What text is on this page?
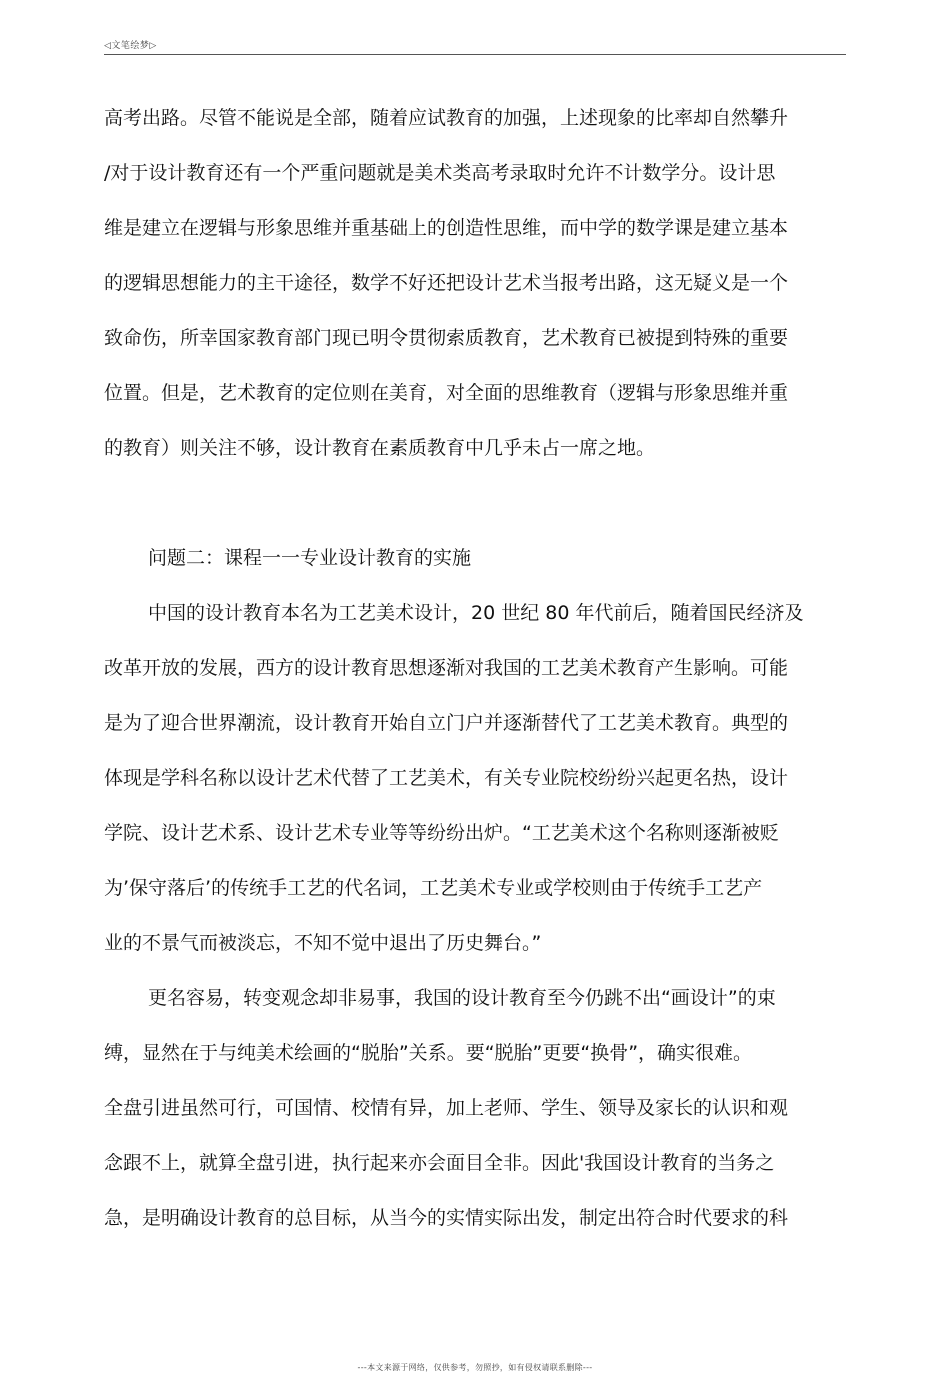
◁文笔绘梦▷
高考出路。尽管不能说是全部，随着应试教育的加强，上述现象的比率却自然攀升
/对于设计教育还有一个严重问题就是美术类高考录取时允许不计数学分。设计思
维是建立在逻辑与形象思维并重基础上的创造性思维，而中学的数学课是建立基本
的逻辑思想能力的主干途径，数学不好还把设计艺术当报考出路，这无疑义是一个
致命伤，所幸国家教育部门现已明令贯彻索质教育，艺术教育已被提到特殊的重要
位置。但是，艺术教育的定位则在美育，对全面的思维教育（逻辑与形象思维并重
的教育）则关注不够，设计教育在素质教育中几乎未占一席之地。
问题二：课程一一专业设计教育的实施
中国的设计教育本名为工艺美术设计，20 世纪 80 年代前后，随着国民经济及
改革开放的发展，西方的设计教育思想逐渐对我国的工艺美术教育产生影响。可能
是为了迎合世界潮流，设计教育开始自立门户并逐渐替代了工艺美术教育。典型的
体现是学科名称以设计艺术代替了工艺美术，有关专业院校纷纷兴起更名热，设计
学院、设计艺术系、设计艺术专业等等纷纷出炉。“工艺美术这个名称则逐渐被贬
为’保守落后’的传统手工艺的代名词，工艺美术专业或学校则由于传统手工艺产
业的不景气而被淡忘，不知不觉中退出了历史舞台。”
更名容易，转变观念却非易事，我国的设计教育至今仍跳不出“画设计”的束
缚，显然在于与纯美术绘画的“脱胎”关系。要“脱胎”更要“换骨”，确实很难。
全盘引进虽然可行，可国情、校情有异，加上老师、学生、领导及家长的认识和观
念跟不上，就算全盘引进，执行起来亦会面目全非。因此'我国设计教育的当务之
急，是明确设计教育的总目标，从当今的实情实际出发，制定出符合时代要求的科
---本文来源于网络，仅供参考，勿照抄，如有侵权请联系删除---
